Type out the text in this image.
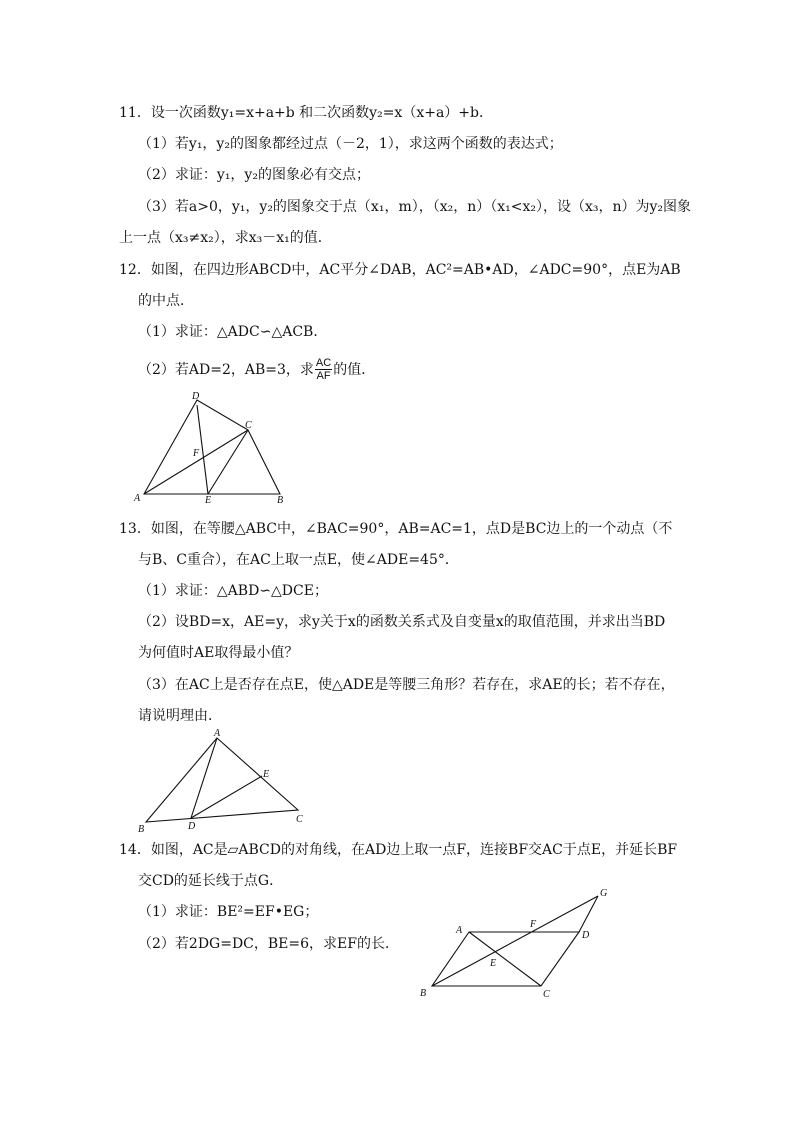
11．设一次函数y₁=x+a+b 和二次函数y₂=x（x+a）+b．
（1）若y₁，y₂的图象都经过点（－2，1），求这两个函数的表达式；
（2）求证：y₁，y₂的图象必有交点；
（3）若a>0，y₁，y₂的图象交于点（x₁，m），（x₂，n）（x₁<x₂），设（x₃，n）为y₂图象
上一点（x₃≠x₂），求x₃－x₁的值．
12．如图，在四边形ABCD中，AC平分∠DAB，AC²=AB•AD，∠ADC=90°，点E为AB
的中点．
（1）求证：△ADC∽△ACB．
（2）若AD=2，AB=3，求 $\frac{AC}{AF}$ 的值．
A	B
C
D
E
F
13．如图，在等腰△ABC中，∠BAC=90°，AB=AC=1，点D是BC边上的一个动点（不
与B、C重合），在AC上取一点E，使∠ADE=45°．
（1）求证：△ABD∽△DCE；
（2）设BD=x，AE=y，求y关于x的函数关系式及自变量x的取值范围，并求出当BD
为何值时AE取得最小值？
（3）在AC上是否存在点E，使△ADE是等腰三角形？若存在，求AE的长；若不存在，
请说明理由．
A
B
C
D
E
14．如图，AC是▱ABCD的对角线，在AD边上取一点F，连接BF交AC于点E，并延长BF
交CD的延长线于点G．
（1）求证：BE²=EF•EG；
（2）若2DG=DC，BE=6，求EF的长．
A
B	C
D
E
F
G
